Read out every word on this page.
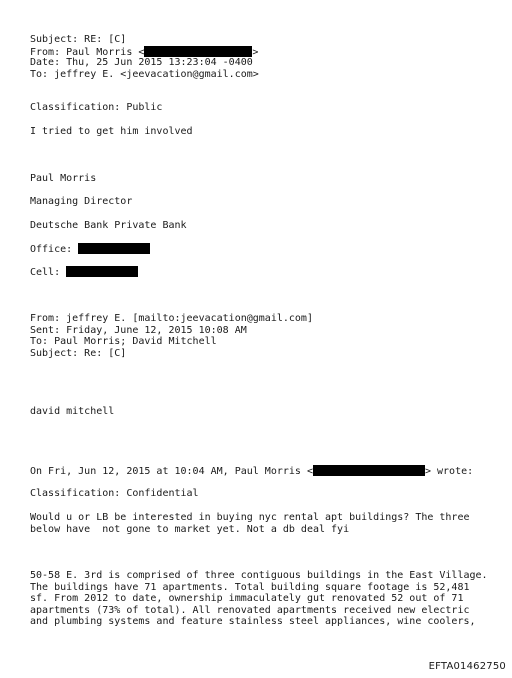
Subject: RE: [C]
From: Paul Morris <	>
Date: Thu, 25 Jun 2015 13:23:04 -0400
To: jeffrey E. <jeevacation@gmail.com>
Classification: Public
I tried to get him involved
Paul Morris
Managing Director
Deutsche Bank Private Bank
Office:
Cell:
From: jeffrey E. [mailto:jeevacation@gmail.com]
Sent: Friday, June 12, 2015 10:08 AM
To: Paul Morris; David Mitchell
Subject: Re: [C]
david mitchell
On Fri, Jun 12, 2015 at 10:04 AM, Paul Morris <	> wrote:
Classification: Confidential
Would u or LB be interested in buying nyc rental apt buildings? The three
below have  not gone to market yet. Not a db deal fyi
50-58 E. 3rd is comprised of three contiguous buildings in the East Village.
The buildings have 71 apartments. Total building square footage is 52,481
sf. From 2012 to date, ownership immaculately gut renovated 52 out of 71
apartments (73% of total). All renovated apartments received new electric
and plumbing systems and feature stainless steel appliances, wine coolers,
EFTA01462750
